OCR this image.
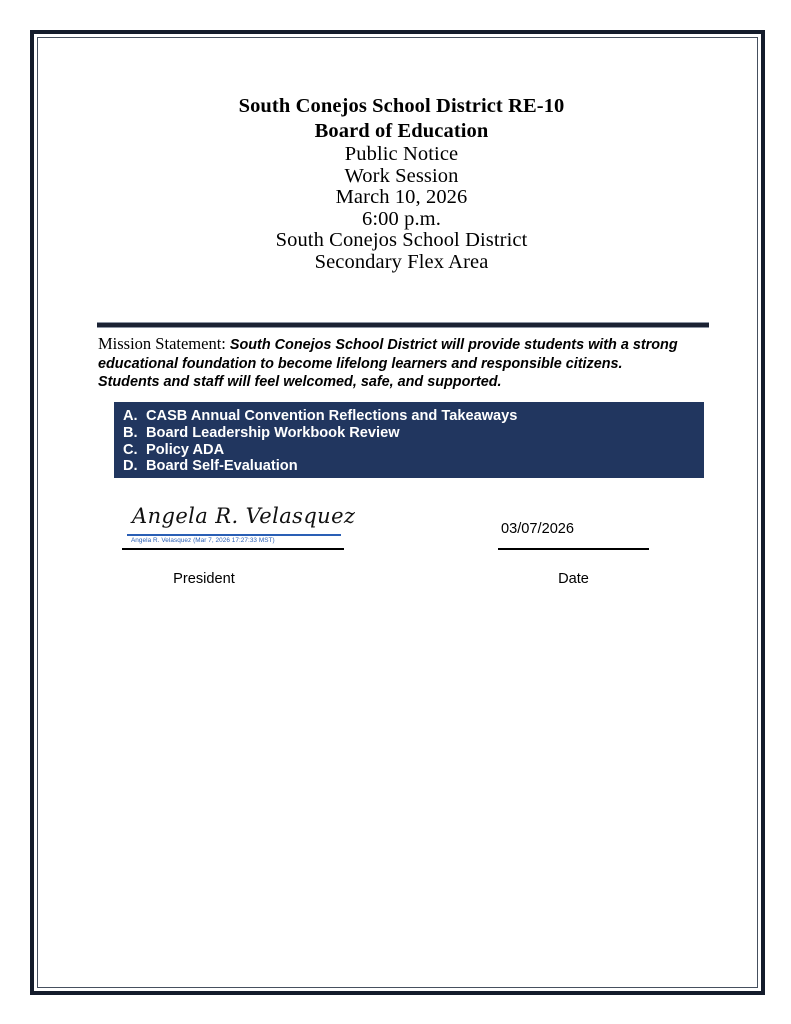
South Conejos School District RE-10
Board of Education
Public Notice
Work Session
March 10, 2026
6:00 p.m.
South Conejos School District
Secondary Flex Area
Mission Statement: South Conejos School District will provide students with a strong
educational foundation to become lifelong learners and responsible citizens.
Students and staff will feel welcomed, safe, and supported.
A. CASB Annual Convention Reflections and Takeaways
B. Board Leadership Workbook Review
C. Policy ADA
D. Board Self-Evaluation
Angela R. Velasquez
Angela R. Velasquez (Mar 7, 2026 17:27:33 MST)
President
03/07/2026
Date
